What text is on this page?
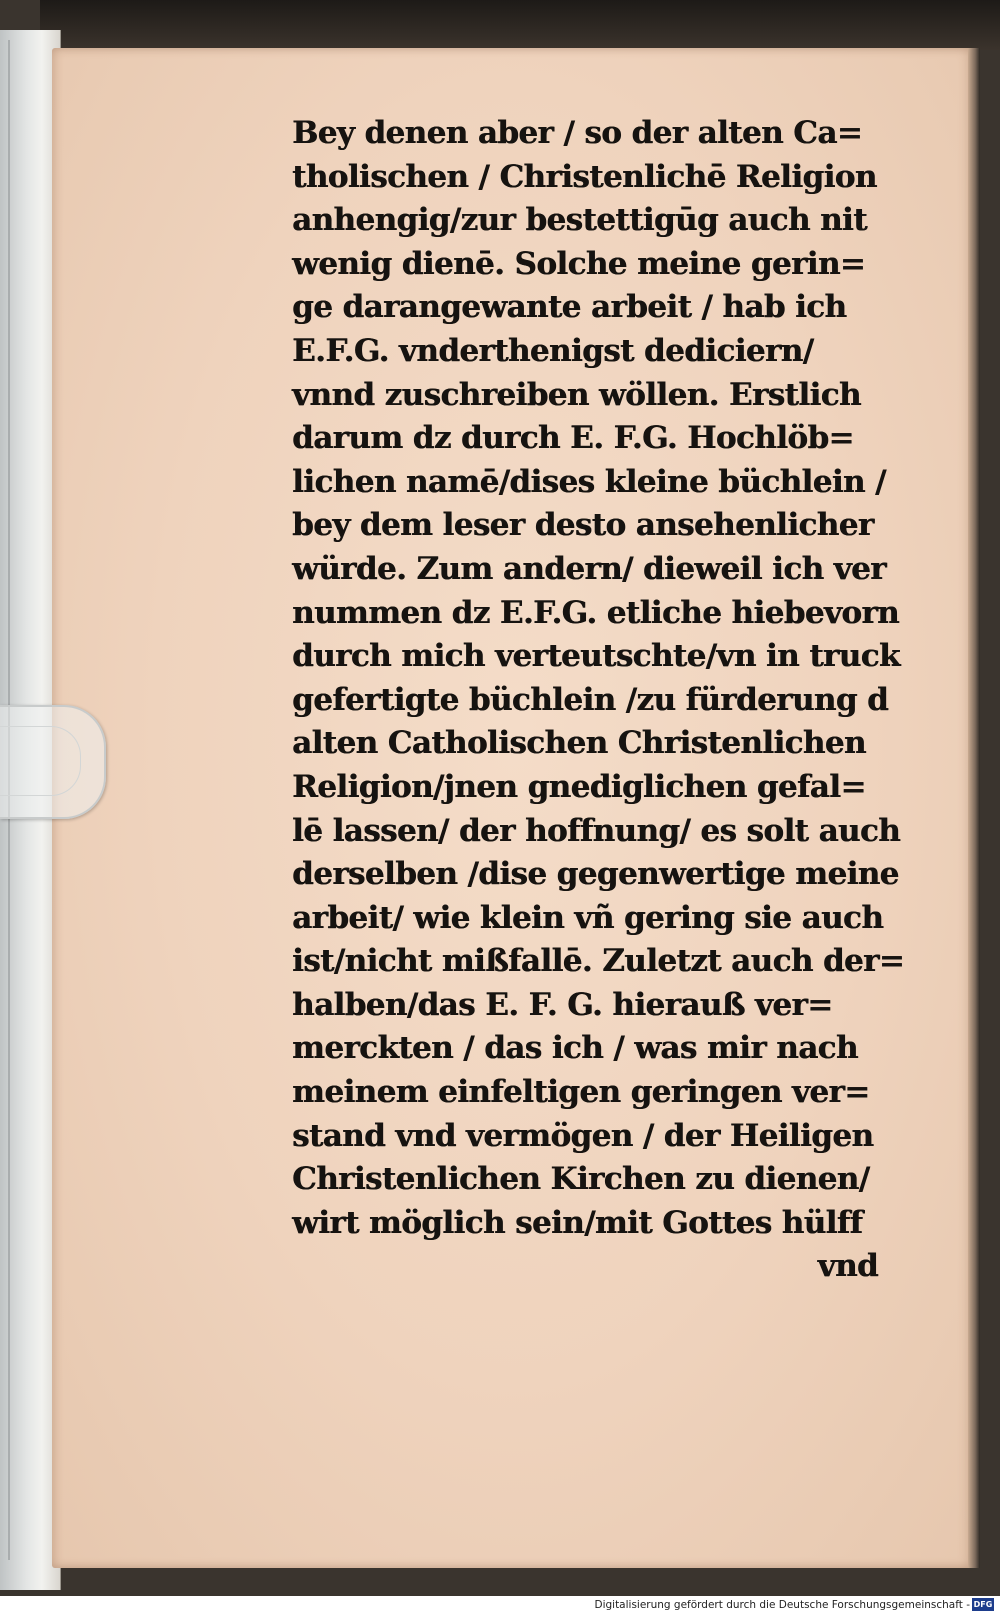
Bey denen aber / so der alten Ca=
tholischen / Christenlichē Religion
anhengig/zur bestettigūg auch nit
wenig dienē. Solche meine gerin=
ge darangewante arbeit / hab ich
E.F.G. vnderthenigst dediciern/
vnnd zuschreiben wöllen. Erstlich
darum dz durch E. F.G. Hochlöb=
lichen namē/dises kleine büchlein /
bey dem leser desto ansehenlicher
würde. Zum andern/ dieweil ich ver
nummen dz E.F.G. etliche hiebevorn
durch mich verteutschte/vn in truck
gefertigte büchlein /zu fürderung d
alten Catholischen Christenlichen
Religion/jnen gnediglichen gefal=
lē lassen/ der hoffnung/ es solt auch
derselben /dise gegenwertige meine
arbeit/ wie klein vñ gering sie auch
ist/nicht mißfallē. Zuletzt auch der=
halben/das E. F. G. hierauß ver=
merckten / das ich / was mir nach
meinem einfeltigen geringen ver=
stand vnd vermögen / der Heiligen
Christenlichen Kirchen zu dienen/
wirt möglich sein/mit Gottes hülff
vnd
Digitalisierung gefördert durch die Deutsche Forschungsgemeinschaft - DFG
